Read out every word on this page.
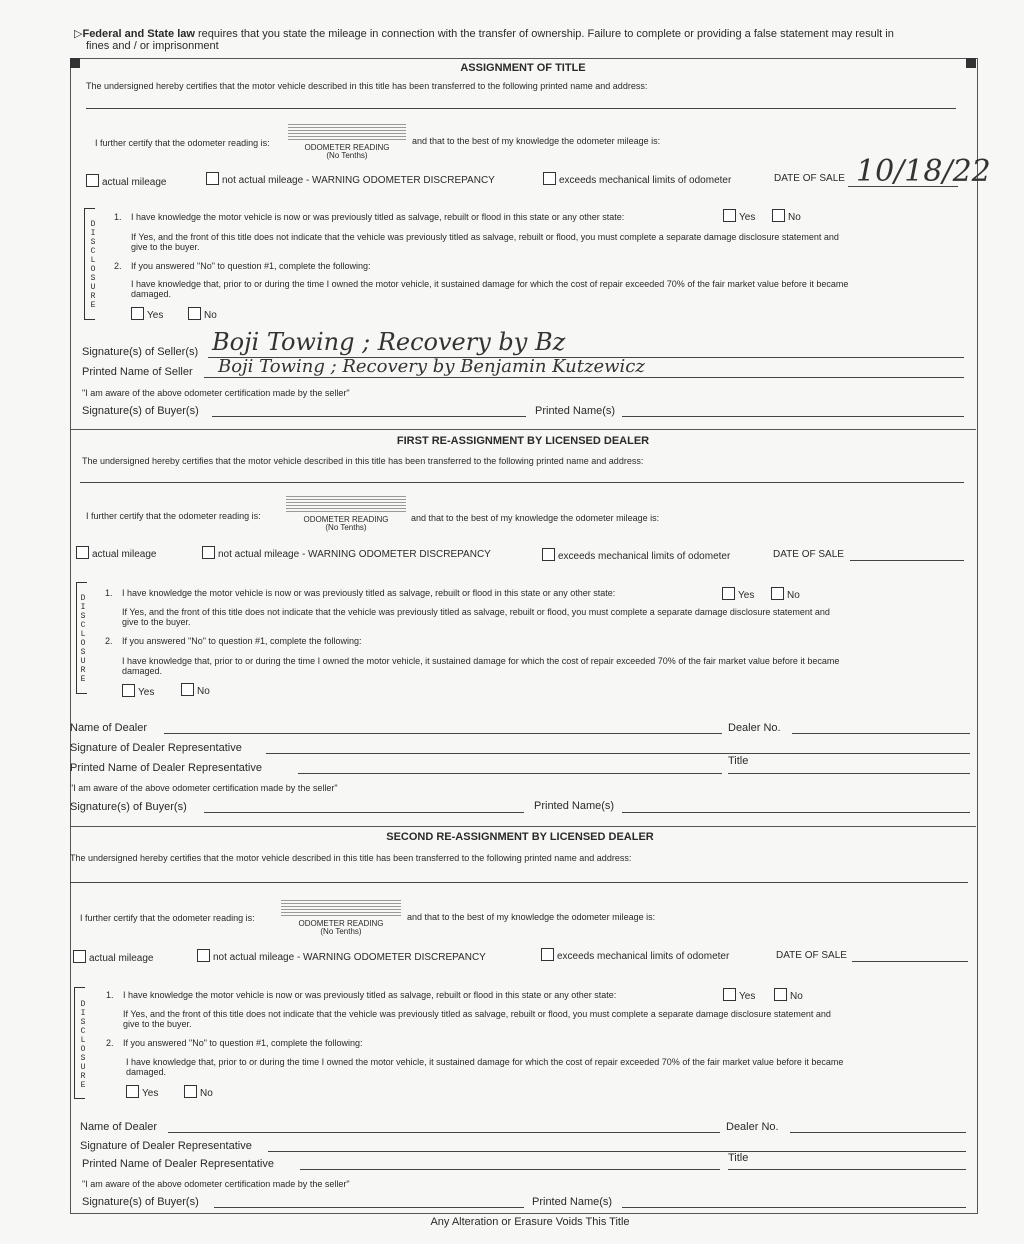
▷Federal and State law requires that you state the mileage in connection with the transfer of ownership. Failure to complete or providing a false statement may result in
fines and / or imprisonment
ASSIGNMENT OF TITLE
The undersigned hereby certifies that the motor vehicle described in this title has been transferred to the following printed name and address:
I further certify that the odometer reading is:	ODOMETER READING
(No Tenths)
and that to the best of my knowledge the odometer mileage is:
actual mileage	not actual mileage - WARNING ODOMETER DISCREPANCY	exceeds mechanical limits of odometer	DATE OF SALE 10/18/22
D
I
S
C
L
O
S
U
R
E
1. I have knowledge the motor vehicle is now or was previously titled as salvage, rebuilt or flood in this state or any other state:	Yes	No
If Yes, and the front of this title does not indicate that the vehicle was previously titled as salvage, rebuilt or flood, you must complete a separate damage disclosure statement and
give to the buyer.
2. If you answered "No" to question #1, complete the following:
I have knowledge that, prior to or during the time I owned the motor vehicle, it sustained damage for which the cost of repair exceeded 70% of the fair market value before it became
damaged.
Yes	No
Signature(s) of Seller(s) Boji Towing ; Recovery by Bz
Printed Name of Seller Boji Towing ; Recovery by Benjamin Kutzewicz
"I am aware of the above odometer certification made by the seller"
Signature(s) of Buyer(s)	Printed Name(s)
FIRST RE-ASSIGNMENT BY LICENSED DEALER
The undersigned hereby certifies that the motor vehicle described in this title has been transferred to the following printed name and address:
I further certify that the odometer reading is:	ODOMETER READING
(No Tenths)
and that to the best of my knowledge the odometer mileage is:
actual mileage	not actual mileage - WARNING ODOMETER DISCREPANCY	exceeds mechanical limits of odometer	DATE OF SALE
D
I
S
C
L
O
S
U
R
E
1. I have knowledge the motor vehicle is now or was previously titled as salvage, rebuilt or flood in this state or any other state:	Yes	No
If Yes, and the front of this title does not indicate that the vehicle was previously titled as salvage, rebuilt or flood, you must complete a separate damage disclosure statement and
give to the buyer.
2. If you answered "No" to question #1, complete the following:
I have knowledge that, prior to or during the time I owned the motor vehicle, it sustained damage for which the cost of repair exceeded 70% of the fair market value before it became
damaged.
Yes	No
Name of Dealer	Dealer No.
Signature of Dealer Representative
Printed Name of Dealer Representative
Title
"I am aware of the above odometer certification made by the seller"
Signature(s) of Buyer(s)	Printed Name(s)
SECOND RE-ASSIGNMENT BY LICENSED DEALER
The undersigned hereby certifies that the motor vehicle described in this title has been transferred to the following printed name and address:
I further certify that the odometer reading is:
ODOMETER READING
(No Tenths)
and that to the best of my knowledge the odometer mileage is:
actual mileage	not actual mileage - WARNING ODOMETER DISCREPANCY	exceeds mechanical limits of odometer	DATE OF SALE
D
I
S
C
L
O
S
U
R
E
1. I have knowledge the motor vehicle is now or was previously titled as salvage, rebuilt or flood in this state or any other state:	Yes	No
If Yes, and the front of this title does not indicate that the vehicle was previously titled as salvage, rebuilt or flood, you must complete a separate damage disclosure statement and
give to the buyer.
2. If you answered "No" to question #1, complete the following:
I have knowledge that, prior to or during the time I owned the motor vehicle, it sustained damage for which the cost of repair exceeded 70% of the fair market value before it became
damaged.
Yes	No
Name of Dealer	Dealer No.
Signature of Dealer Representative
Printed Name of Dealer Representative	Title
"I am aware of the above odometer certification made by the seller"
Signature(s) of Buyer(s)	Printed Name(s)
Any Alteration or Erasure Voids This Title
